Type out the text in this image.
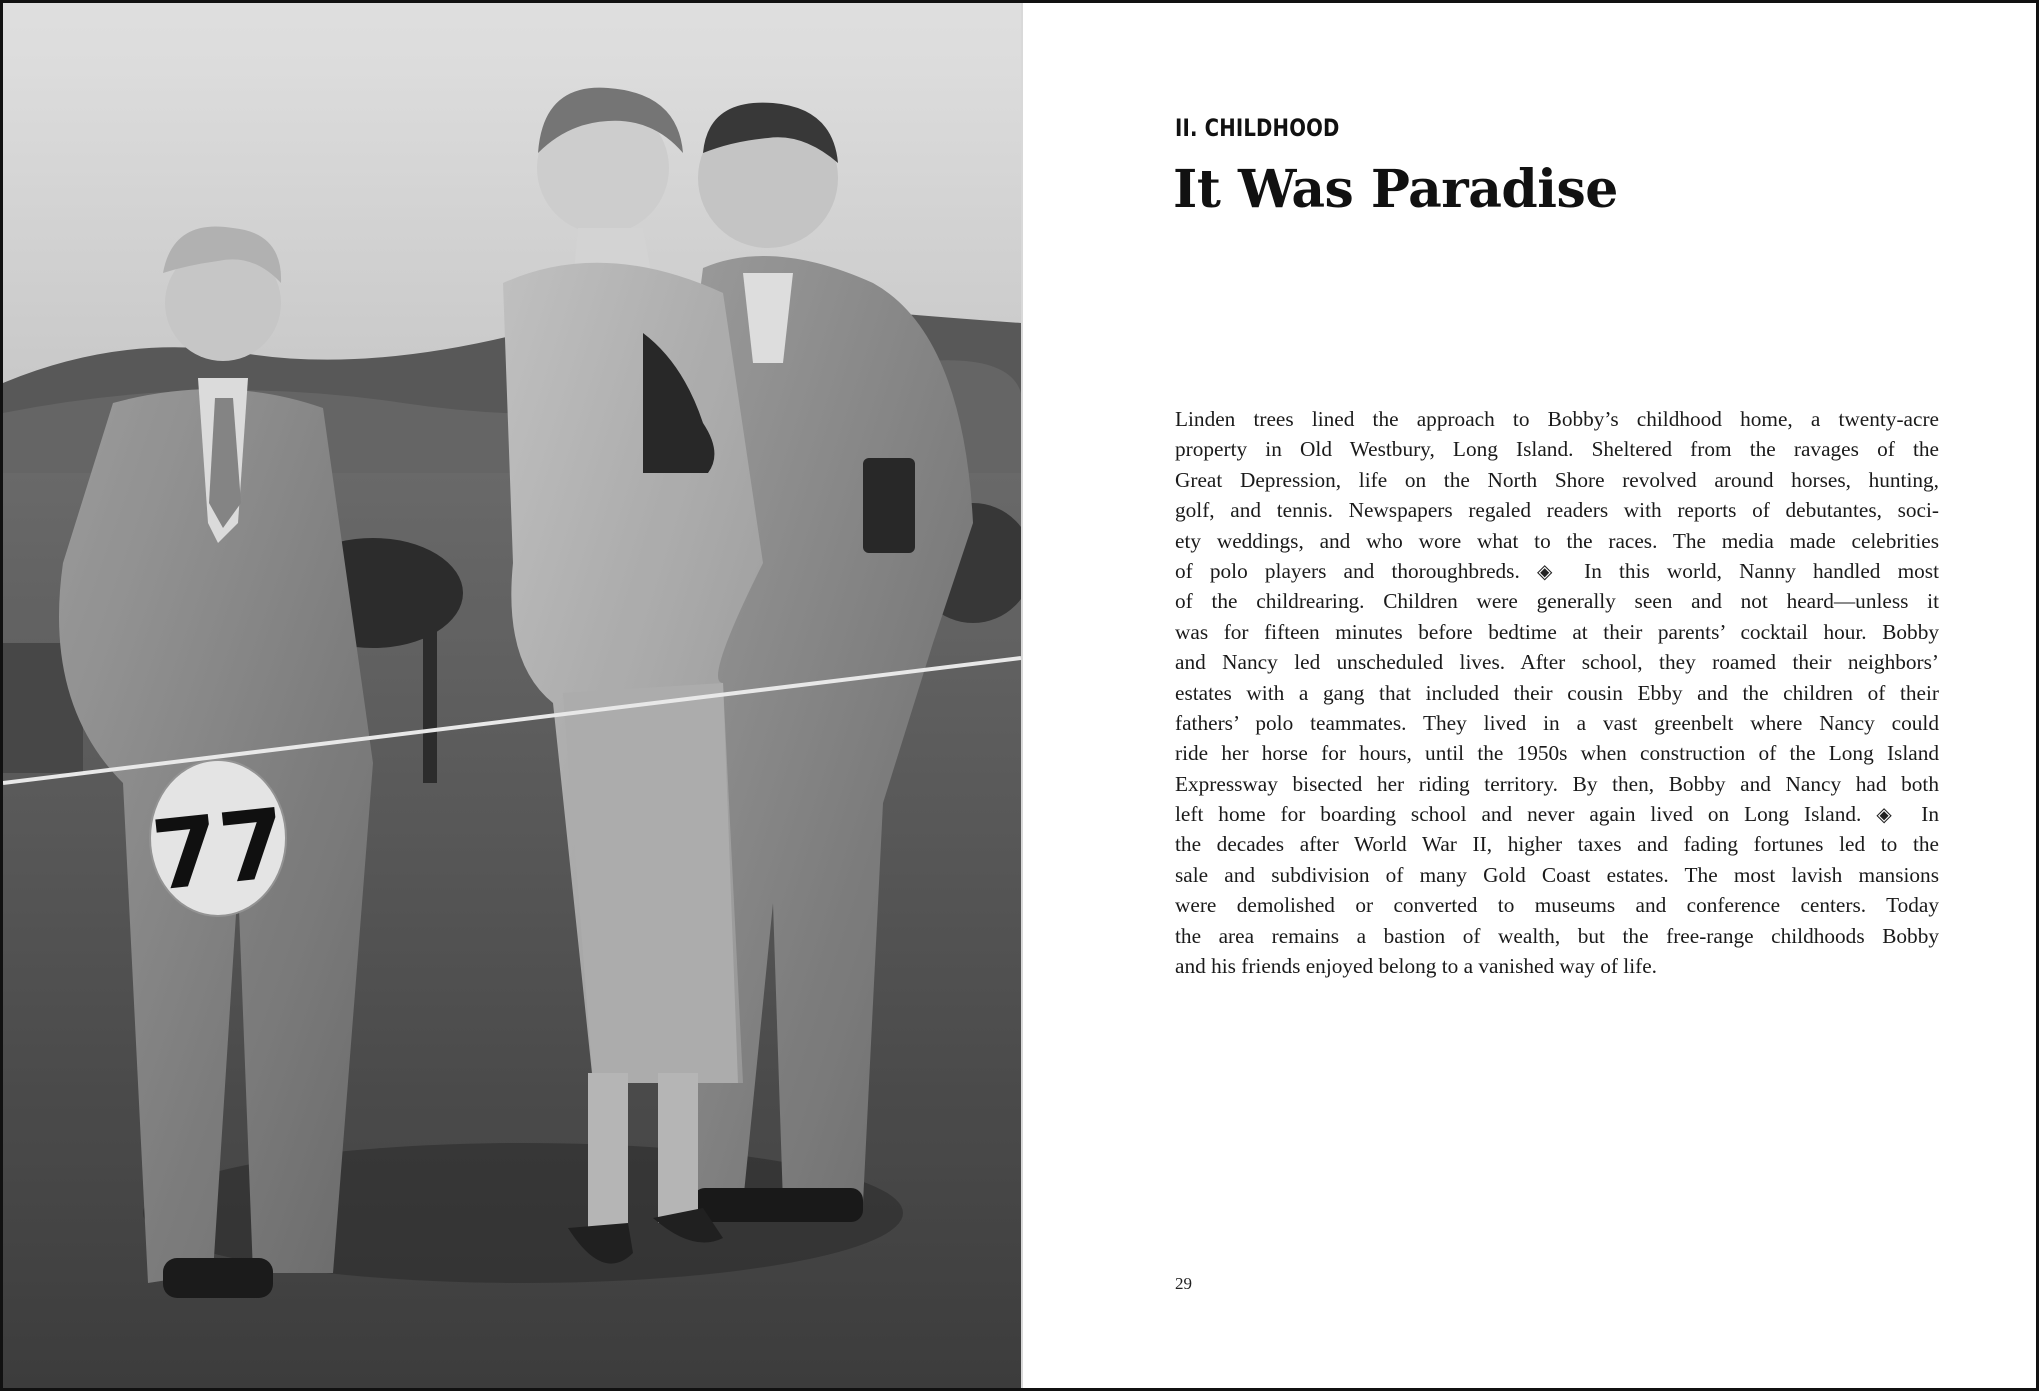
77
II. CHILDHOOD
It Was Paradise
Linden trees lined the approach to Bobby’s childhood home, a twenty-acre
property in Old Westbury, Long Island. Sheltered from the ravages of the
Great Depression, life on the North Shore revolved around horses, hunting,
golf, and tennis. Newspapers regaled readers with reports of debutantes, soci-
ety weddings, and who wore what to the races. The media made celebrities
of polo players and thoroughbreds. ◈ In this world, Nanny handled most
of the childrearing. Children were generally seen and not heard—unless it
was for fifteen minutes before bedtime at their parents’ cocktail hour. Bobby
and Nancy led unscheduled lives. After school, they roamed their neighbors’
estates with a gang that included their cousin Ebby and the children of their
fathers’ polo teammates. They lived in a vast greenbelt where Nancy could
ride her horse for hours, until the 1950s when construction of the Long Island
Expressway bisected her riding territory. By then, Bobby and Nancy had both
left home for boarding school and never again lived on Long Island. ◈ In
the decades after World War II, higher taxes and fading fortunes led to the
sale and subdivision of many Gold Coast estates. The most lavish mansions
were demolished or converted to museums and conference centers. Today
the area remains a bastion of wealth, but the free-range childhoods Bobby
and his friends enjoyed belong to a vanished way of life.
29
